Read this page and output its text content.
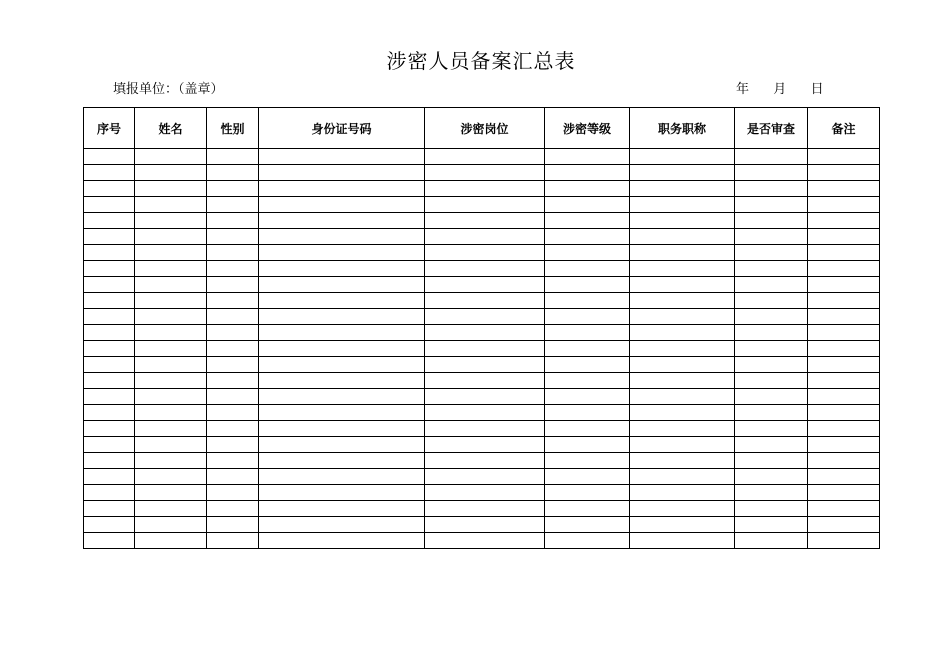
涉密人员备案汇总表
填报单位：（盖章）	年 月 日
序号	姓名	性别	身份证号码	涉密岗位	涉密等级	职务职称	是否审查	备注
